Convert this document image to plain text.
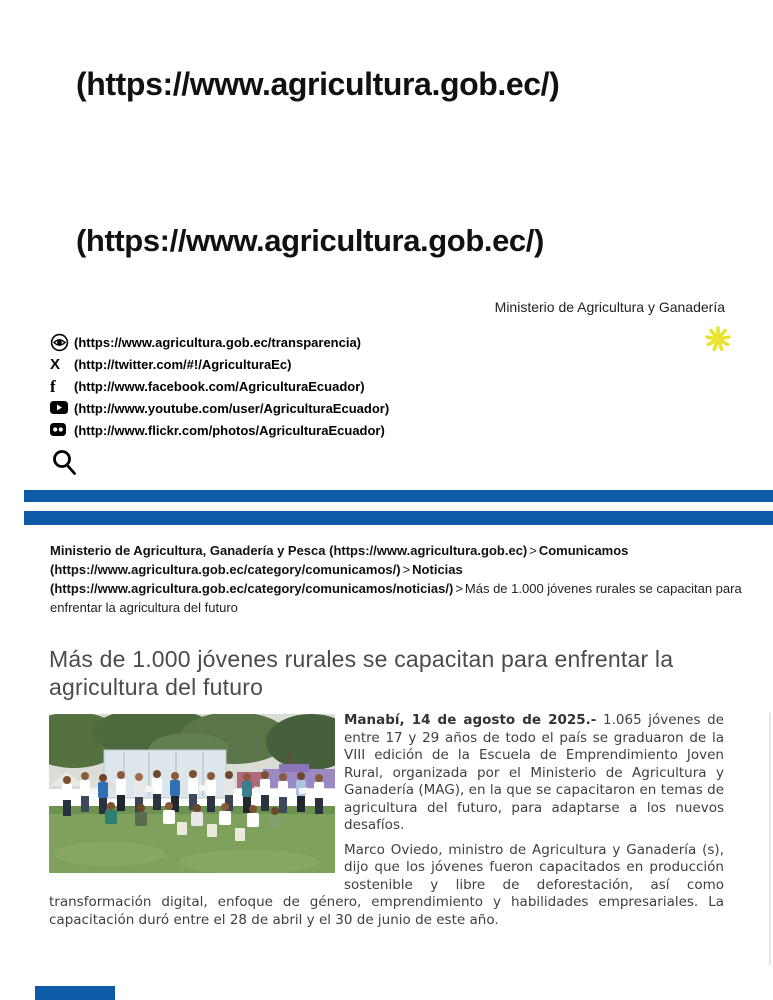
(https://www.agricultura.gob.ec/)
(https://www.agricultura.gob.ec/)
Ministerio de Agricultura y Ganadería
(https://www.agricultura.gob.ec/transparencia)
X (http://twitter.com/#!/AgriculturaEc)
f (http://www.facebook.com/AgriculturaEcuador)
(http://www.youtube.com/user/AgriculturaEcuador)
(http://www.flickr.com/photos/AgriculturaEcuador)
Ministerio de Agricultura, Ganadería y Pesca (https://www.agricultura.gob.ec) > Comunicamos (https://www.agricultura.gob.ec/category/comunicamos/) > Noticias (https://www.agricultura.gob.ec/category/comunicamos/noticias/) > Más de 1.000 jóvenes rurales se capacitan para enfrentar la agricultura del futuro
Más de 1.000 jóvenes rurales se capacitan para enfrentar la agricultura del futuro

Manabí, 14 de agosto de 2025.- 1.065 jóvenes de entre 17 y 29 años de todo el país se graduaron de la VIII edición de la Escuela de Emprendimiento Joven Rural, organizada por el Ministerio de Agricultura y Ganadería (MAG), en la que se capacitaron en temas de agricultura del futuro, para adaptarse a los nuevos desafíos.

Marco Oviedo, ministro de Agricultura y Ganadería (s), dijo que los jóvenes fueron capacitados en producción sostenible y libre de deforestación, así como transformación digital, enfoque de género, emprendimiento y habilidades empresariales. La capacitación duró entre el 28 de abril y el 30 de junio de este año.
